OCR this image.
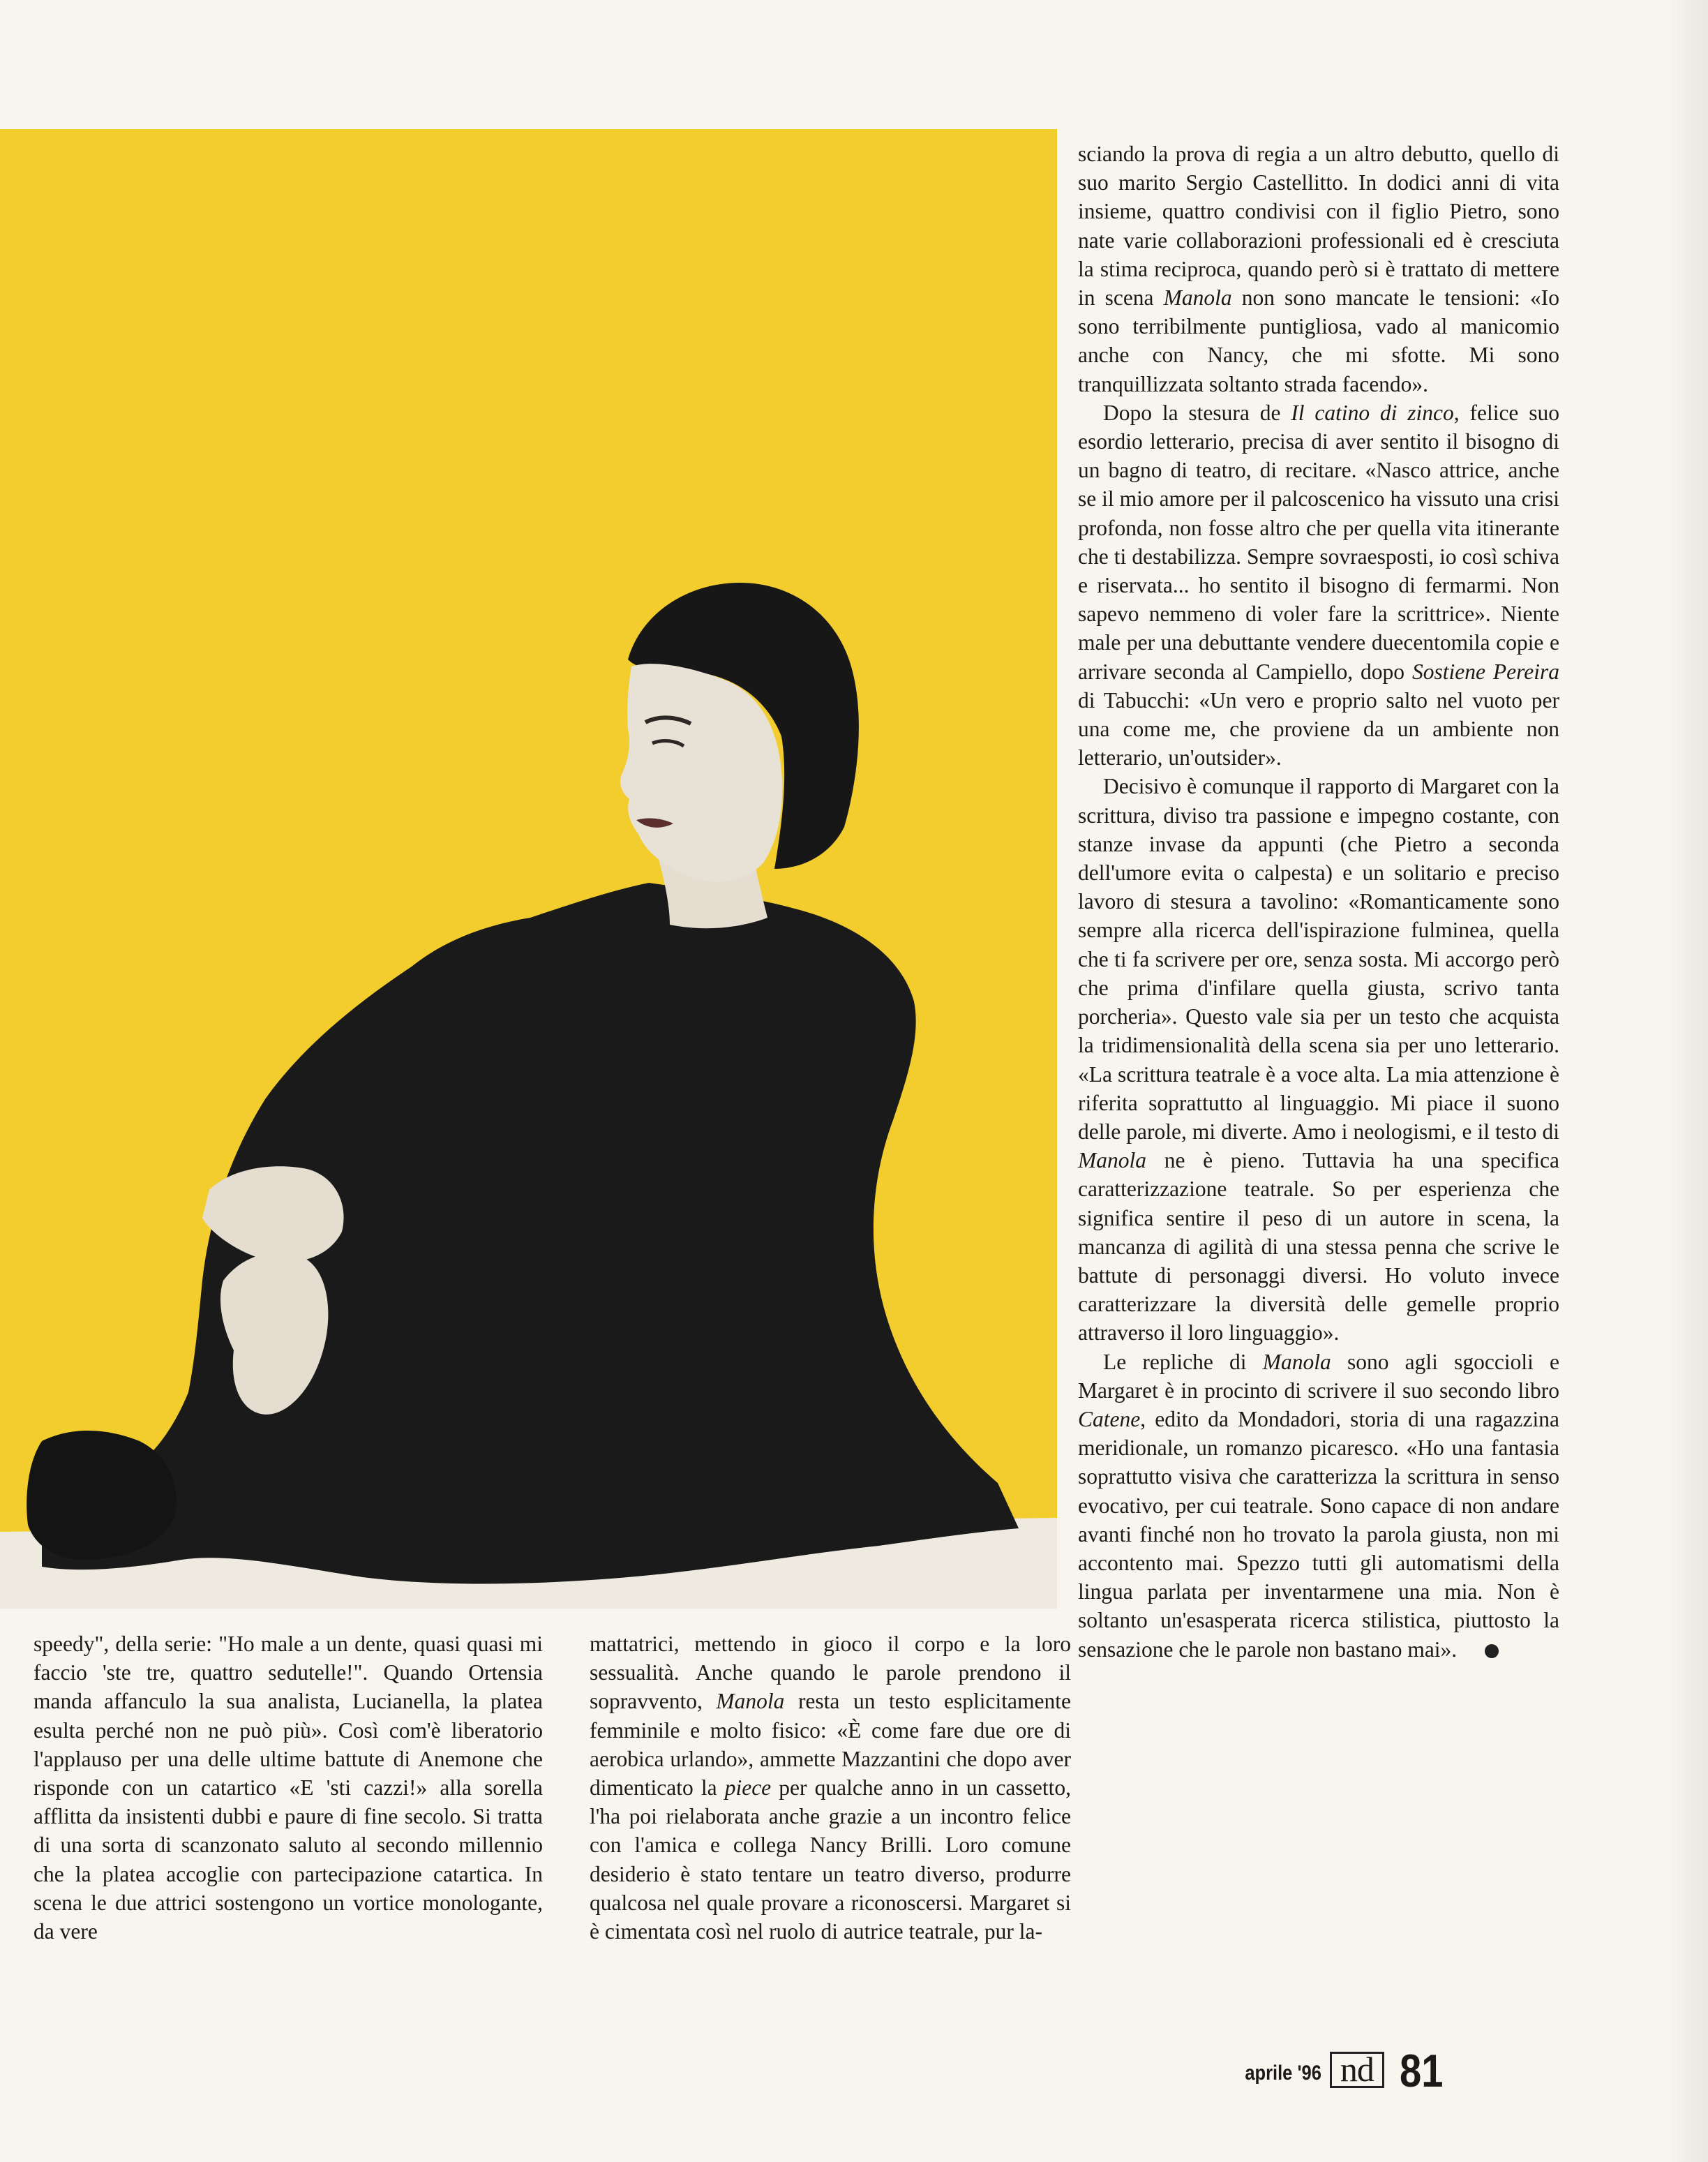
sciando la prova di regia a un altro debutto, quello di suo marito Sergio Castellitto. In dodici anni di vita insieme, quattro condivisi con il figlio Pietro, sono nate varie collaborazioni professionali ed è cresciuta la stima reciproca, quando però si è trattato di mettere in scena Manola non sono mancate le tensioni: «Io sono terribilmente puntigliosa, vado al manicomio anche con Nancy, che mi sfotte. Mi sono tranquillizzata soltanto strada facendo».

Dopo la stesura de Il catino di zinco, felice suo esordio letterario, precisa di aver sentito il bisogno di un bagno di teatro, di recitare. «Nasco attrice, anche se il mio amore per il palcoscenico ha vissuto una crisi profonda, non fosse altro che per quella vita itinerante che ti destabilizza. Sempre sovraesposti, io così schiva e riservata... ho sentito il bisogno di fermarmi. Non sapevo nemmeno di voler fare la scrittrice». Niente male per una debuttante vendere duecentomila copie e arrivare seconda al Campiello, dopo Sostiene Pereira di Tabucchi: «Un vero e proprio salto nel vuoto per una come me, che proviene da un ambiente non letterario, un'outsider».

Decisivo è comunque il rapporto di Margaret con la scrittura, diviso tra passione e impegno costante, con stanze invase da appunti (che Pietro a seconda dell'umore evita o calpesta) e un solitario e preciso lavoro di stesura a tavolino: «Romanticamente sono sempre alla ricerca dell'ispirazione fulminea, quella che ti fa scrivere per ore, senza sosta. Mi accorgo però che prima d'infilare quella giusta, scrivo tanta porcheria». Questo vale sia per un testo che acquista la tridimensionalità della scena sia per uno letterario. «La scrittura teatrale è a voce alta. La mia attenzione è riferita soprattutto al linguaggio. Mi piace il suono delle parole, mi diverte. Amo i neologismi, e il testo di Manola ne è pieno. Tuttavia ha una specifica caratterizzazione teatrale. So per esperienza che significa sentire il peso di un autore in scena, la mancanza di agilità di una stessa penna che scrive le battute di personaggi diversi. Ho voluto invece caratterizzare la diversità delle gemelle proprio attraverso il loro linguaggio».

Le repliche di Manola sono agli sgoccioli e Margaret è in procinto di scrivere il suo secondo libro Catene, edito da Mondadori, storia di una ragazzina meridionale, un romanzo picaresco. «Ho una fantasia soprattutto visiva che caratterizza la scrittura in senso evocativo, per cui teatrale. Sono capace di non andare avanti finché non ho trovato la parola giusta, non mi accontento mai. Spezzo tutti gli automatismi della lingua parlata per inventarmene una mia. Non è soltanto un'esasperata ricerca stilistica, piuttosto la sensazione che le parole non bastano mai».

speedy", della serie: "Ho male a un dente, quasi quasi mi faccio 'ste tre, quattro sedutelle!". Quando Ortensia manda affanculo la sua analista, Lucianella, la platea esulta perché non ne può più». Così com'è liberatorio l'applauso per una delle ultime battute di Anemone che risponde con un catartico «E 'sti cazzi!» alla sorella afflitta da insistenti dubbi e paure di fine secolo. Si tratta di una sorta di scanzonato saluto al secondo millennio che la platea accoglie con partecipazione catartica. In scena le due attrici sostengono un vortice monologante, da vere

mattatrici, mettendo in gioco il corpo e la loro sessualità. Anche quando le parole prendono il sopravvento, Manola resta un testo esplicitamente femminile e molto fisico: «È come fare due ore di aerobica urlando», ammette Mazzantini che dopo aver dimenticato la piece per qualche anno in un cassetto, l'ha poi rielaborata anche grazie a un incontro felice con l'amica e collega Nancy Brilli. Loro comune desiderio è stato tentare un teatro diverso, produrre qualcosa nel quale provare a riconoscersi. Margaret si è cimentata così nel ruolo di autrice teatrale, pur la-

aprile '96 nd 81
